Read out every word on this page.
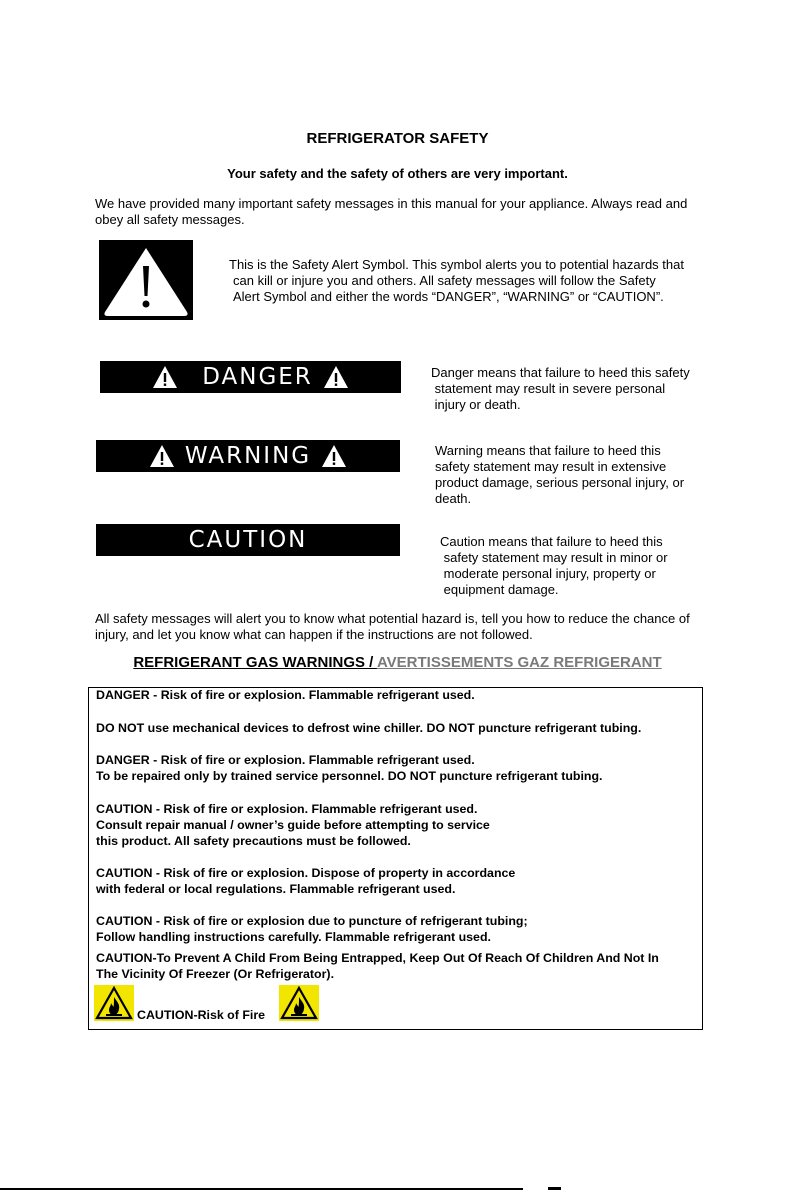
REFRIGERATOR SAFETY
Your safety and the safety of others are very important.
We have provided many important safety messages in this manual for your appliance. Always read and
obey all safety messages.
This is the Safety Alert Symbol. This symbol alerts you to potential hazards that

can kill or injure you and others. All safety messages will follow the Safety
Alert Symbol and either the words “DANGER”, “WARNING” or “CAUTION”.
DANGER	Danger means that failure to heed this safety
statement may result in severe personal
injury or death.
WARNING	Warning means that failure to heed this
safety statement may result in extensive
product damage, serious personal injury, or
death.
CAUTION	Caution means that failure to heed this
safety statement may result in minor or
moderate personal injury, property or
equipment damage.
All safety messages will alert you to know what potential hazard is, tell you how to reduce the chance of
injury, and let you know what can happen if the instructions are not followed.
REFRIGERANT GAS WARNINGS / AVERTISSEMENTS GAZ REFRIGERANT
DANGER - Risk of fire or explosion. Flammable refrigerant used.
DO NOT use mechanical devices to defrost wine chiller. DO NOT puncture refrigerant tubing.
DANGER - Risk of fire or explosion. Flammable refrigerant used.
To be repaired only by trained service personnel. DO NOT puncture refrigerant tubing.
CAUTION - Risk of fire or explosion. Flammable refrigerant used.
Consult repair manual / owner’s guide before attempting to service
this product. All safety precautions must be followed.
CAUTION - Risk of fire or explosion. Dispose of property in accordance
with federal or local regulations. Flammable refrigerant used.
CAUTION - Risk of fire or explosion due to puncture of refrigerant tubing;
Follow handling instructions carefully. Flammable refrigerant used.
CAUTION-To Prevent A Child From Being Entrapped, Keep Out Of Reach Of Children And Not In
The Vicinity Of Freezer (Or Refrigerator).
CAUTION-Risk of Fire
